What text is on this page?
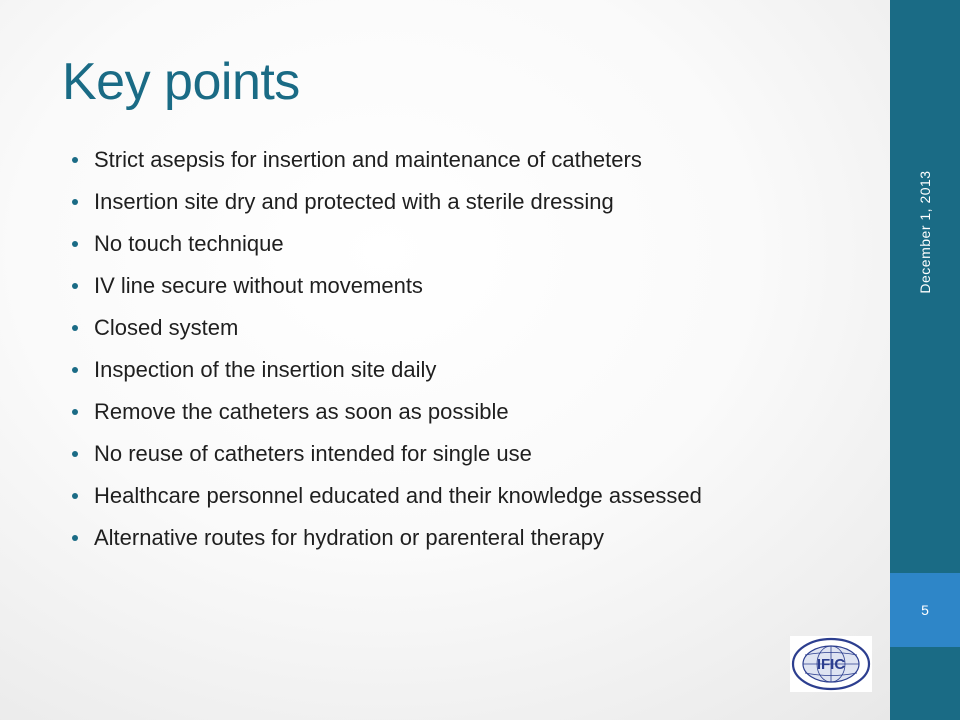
Key points
Strict asepsis for insertion and maintenance of catheters
Insertion site dry and protected with a sterile dressing
No touch technique
IV line secure without movements
Closed system
Inspection of the insertion site daily
Remove the catheters as soon as possible
No reuse of catheters intended for single use
Healthcare personnel educated and their knowledge assessed
Alternative routes for hydration or parenteral therapy
5
December 1, 2013
IFIC
